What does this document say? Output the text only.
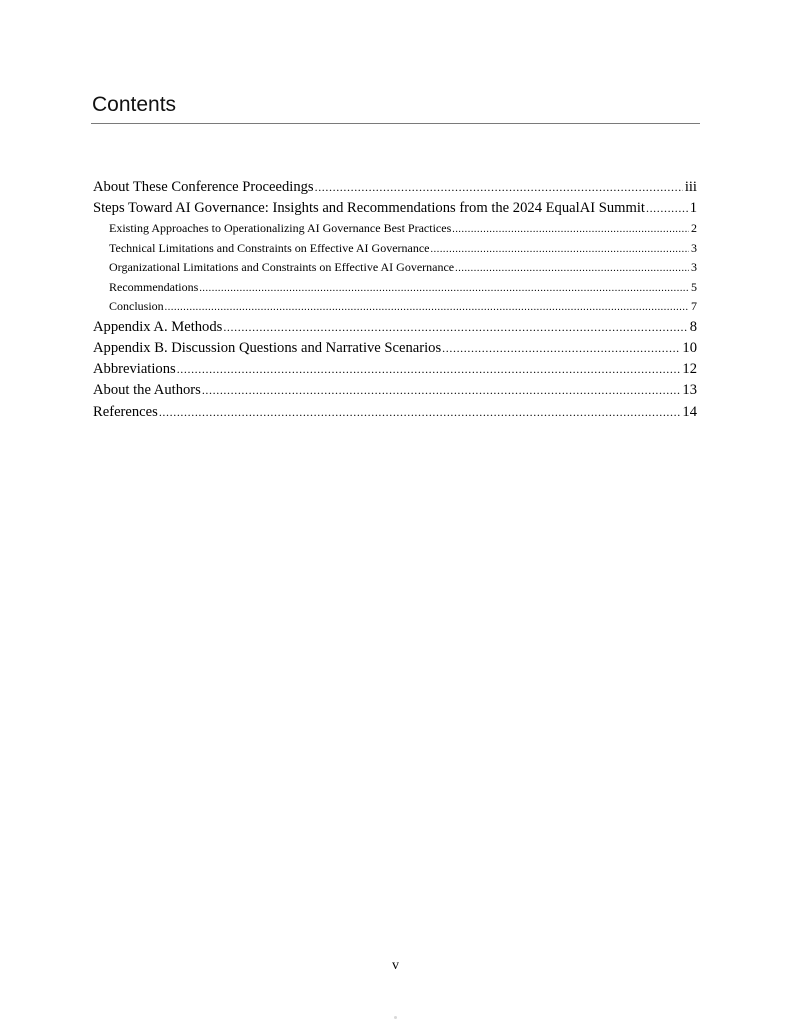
Contents
About These Conference Proceedings .....	iii
Steps Toward AI Governance: Insights and Recommendations from the 2024 EqualAI Summit .....	1
Existing Approaches to Operationalizing AI Governance Best Practices .....	2
Technical Limitations and Constraints on Effective AI Governance .....	3
Organizational Limitations and Constraints on Effective AI Governance .....	3
Recommendations .....	5
Conclusion .....	7
Appendix A. Methods .....	8
Appendix B. Discussion Questions and Narrative Scenarios .....	10
Abbreviations .....	12
About the Authors .....	13
References .....	14
v
